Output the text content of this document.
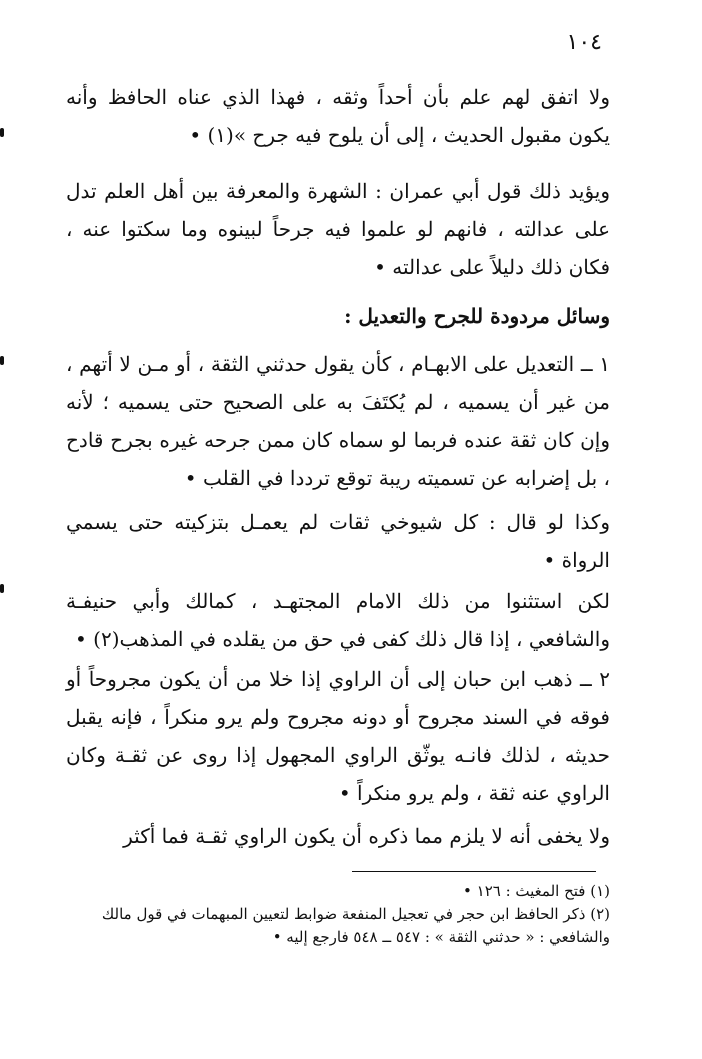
١٠٤

ولا اتفق لهم علم بأن أحداً وثقه ، فهذا الذي عناه الحافظ وأنه يكون مقبول الحديث ، إلى أن يلوح فيه جرح »(١) •

ويؤيد ذلك قول أبي عمران : الشهرة والمعرفة بين أهل العلم تدل على عدالته ، فانهم لو علموا فيه جرحاً لبينوه وما سكتوا عنه ، فكان ذلك دليلاً على عدالته •

وسائل مردودة للجرح والتعديل :

١ ــ التعديل على الابهـام ، كأن يقول حدثني الثقة ، أو مـن لا أتهم ، من غير أن يسميه ، لم يُكتَفَ به على الصحيح حتى يسميه ؛ لأنه وإن كان ثقة عنده فربما لو سماه كان ممن جرحه غيره بجرح قادح ، بل إضرابه عن تسميته ريبة توقع ترددا في القلب •

وكذا لو قال : كل شيوخي ثقات لم يعمـل بتزكيته حتى يسمي الرواة •

لكن استثنوا من ذلك الامام المجتهـد ، كمالك وأبي حنيفـة والشافعي ، إذا قال ذلك كفى في حق من يقلده في المذهب(٢) •

٢ ــ ذهب ابن حبان إلى أن الراوي إذا خلا من أن يكون مجروحاً أو فوقه في السند مجروح أو دونه مجروح ولم يرو منكراً ، فإنه يقبل حديثه ، لذلك فانـه يوثّق الراوي المجهول إذا روى عن ثقـة وكان الراوي عنه ثقة ، ولم يرو منكراً •

ولا يخفى أنه لا يلزم مما ذكره أن يكون الراوي ثقـة فما أكثر

(١) فتح المغيث : ١٢٦ •

(٢) ذكر الحافظ ابن حجر في تعجيل المنفعة ضوابط لتعيين المبهمات في قول مالك والشافعي : « حدثني الثقة » : ٥٤٧ ــ ٥٤٨ فارجع إليه •
